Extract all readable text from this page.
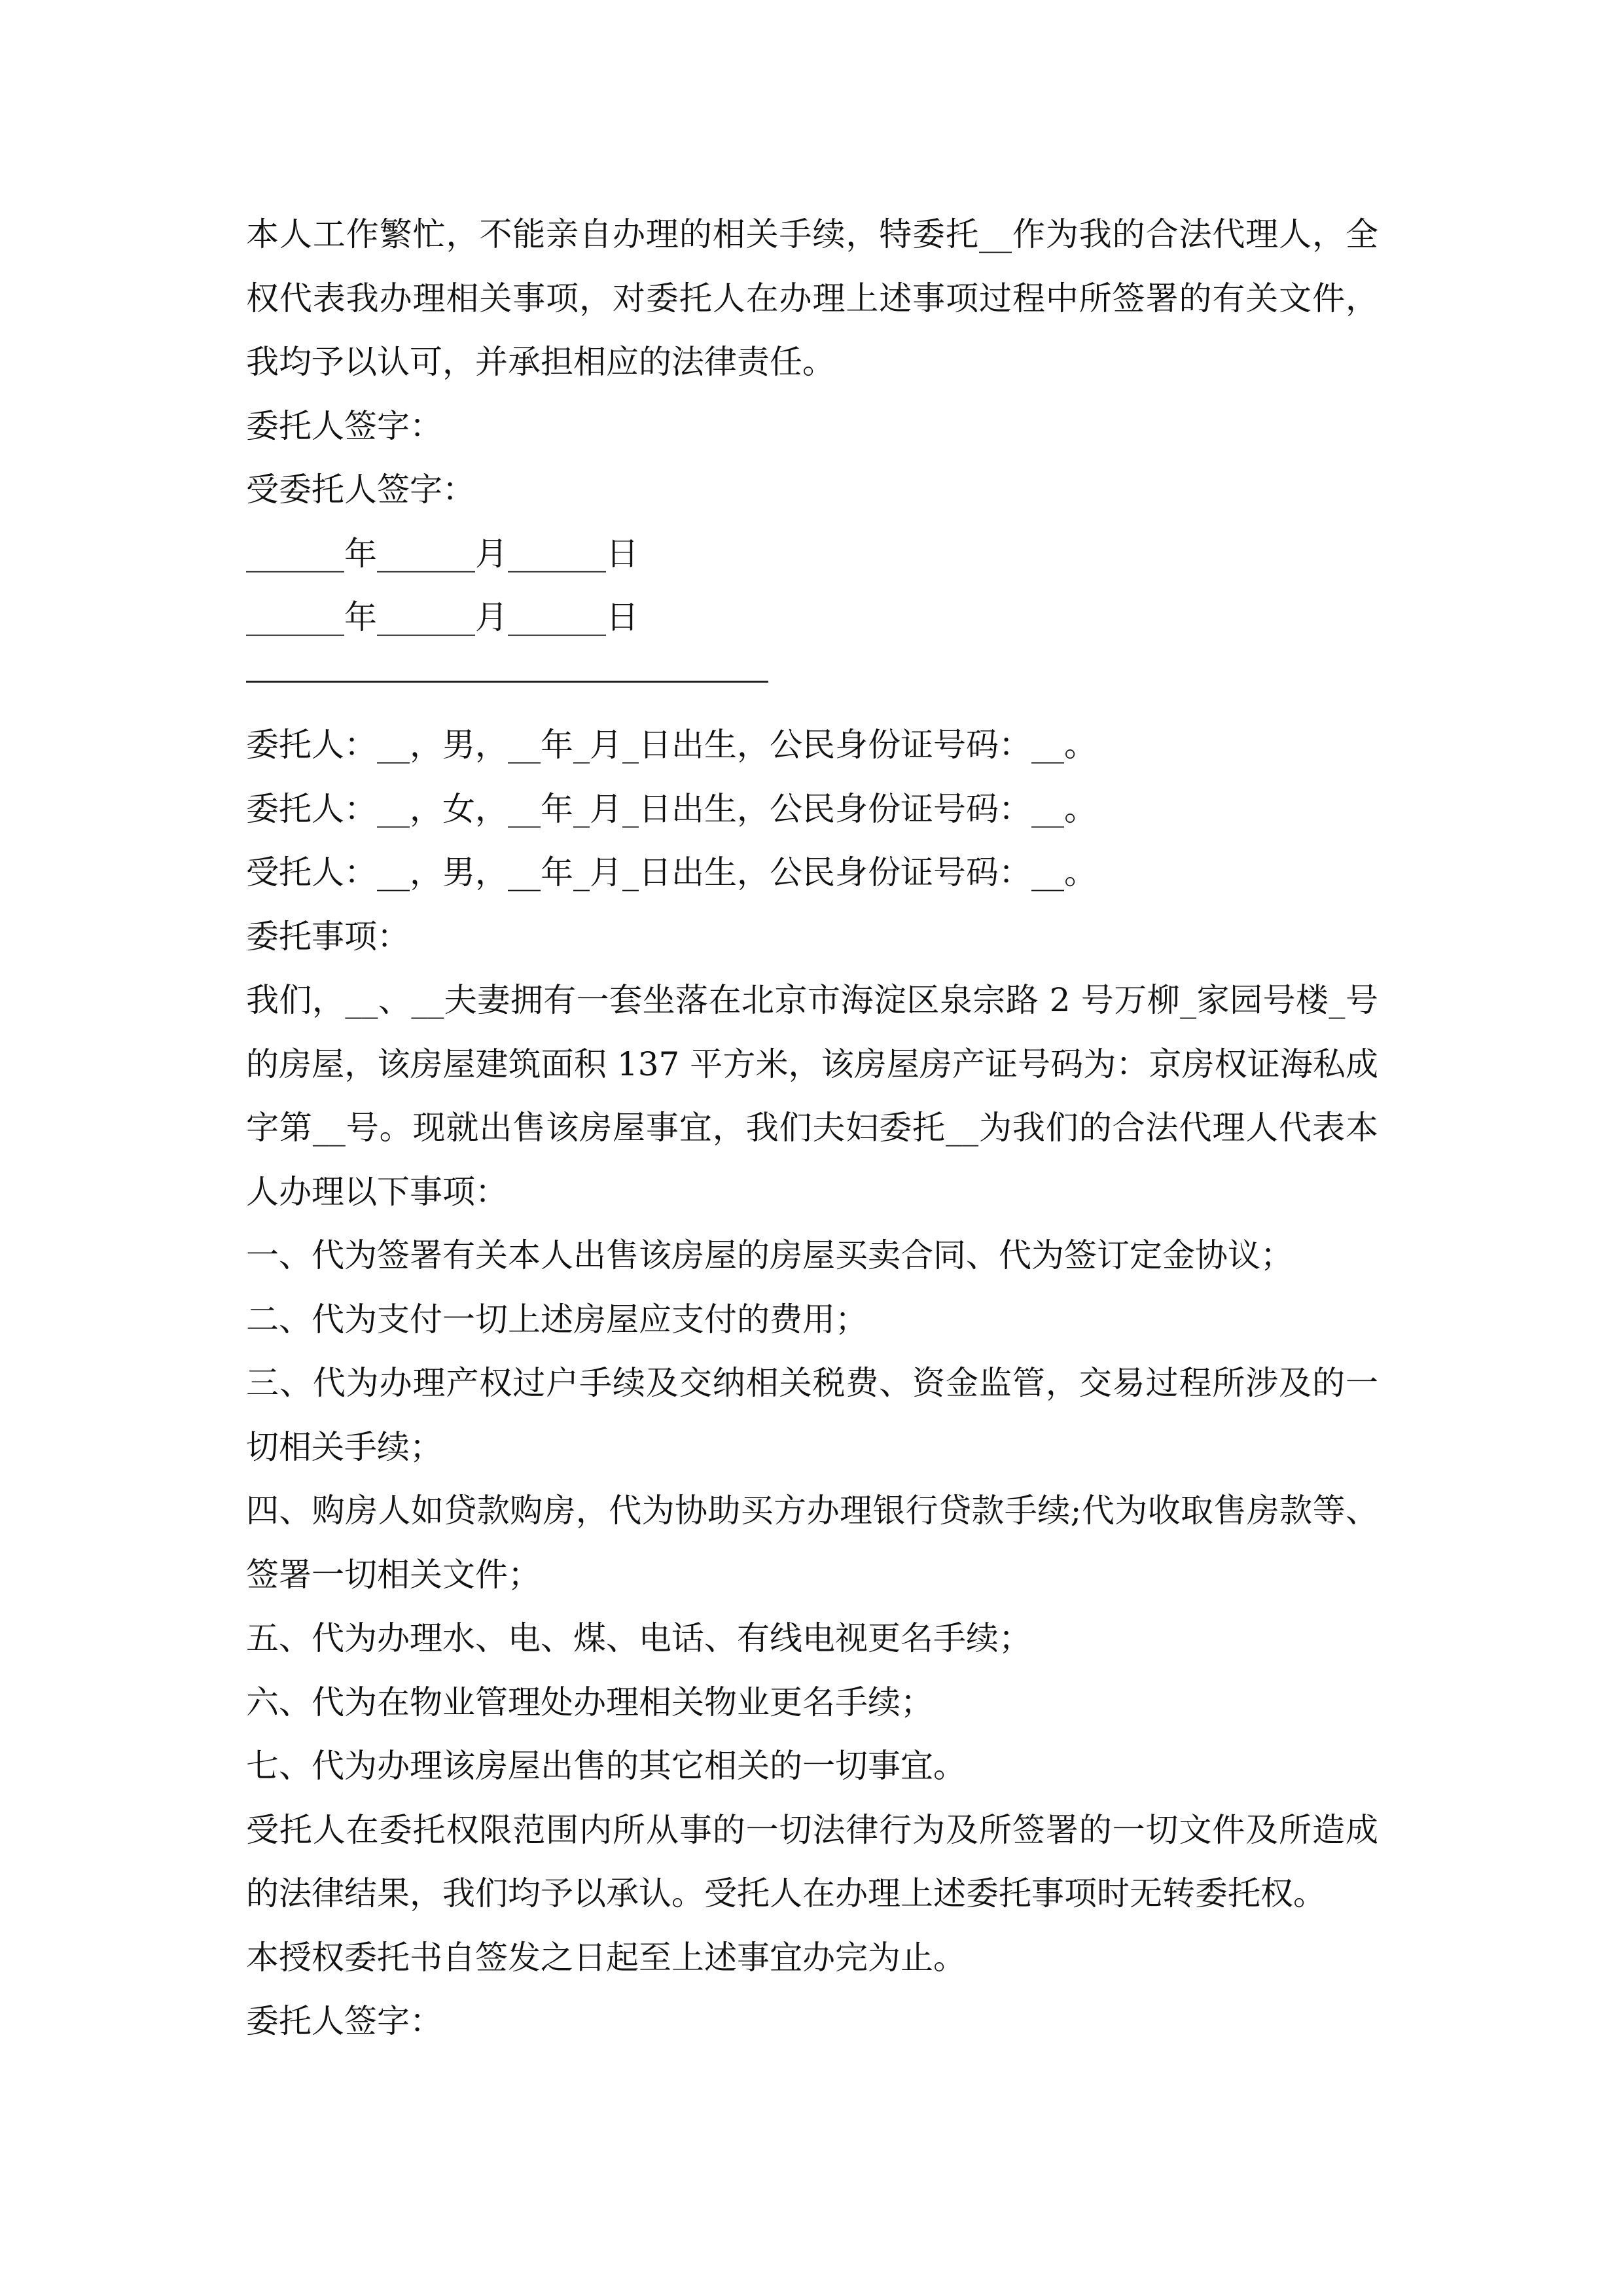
本人工作繁忙，不能亲自办理的相关手续，特委托__作为我的合法代理人，全权代表我办理相关事项，对委托人在办理上述事项过程中所签署的有关文件，我均予以认可，并承担相应的法律责任。
委托人签字：
受委托人签字：
______年______月______日
______年______月______日
委托人：__，男，__年_月_日出生，公民身份证号码：__。
委托人：__，女，__年_月_日出生，公民身份证号码：__。
受托人：__，男，__年_月_日出生，公民身份证号码：__。
委托事项：
我们，__、__夫妻拥有一套坐落在北京市海淀区泉宗路 2 号万柳_家园号楼_号的房屋，该房屋建筑面积 137 平方米，该房屋房产证号码为：京房权证海私成字第__号。现就出售该房屋事宜，我们夫妇委托__为我们的合法代理人代表本人办理以下事项：
一、代为签署有关本人出售该房屋的房屋买卖合同、代为签订定金协议；
二、代为支付一切上述房屋应支付的费用；
三、代为办理产权过户手续及交纳相关税费、资金监管，交易过程所涉及的一切相关手续；
四、购房人如贷款购房，代为协助买方办理银行贷款手续;代为收取售房款等、签署一切相关文件；
五、代为办理水、电、煤、电话、有线电视更名手续；
六、代为在物业管理处办理相关物业更名手续；
七、代为办理该房屋出售的其它相关的一切事宜。
受托人在委托权限范围内所从事的一切法律行为及所签署的一切文件及所造成的法律结果，我们均予以承认。受托人在办理上述委托事项时无转委托权。
本授权委托书自签发之日起至上述事宜办完为止。
委托人签字：
